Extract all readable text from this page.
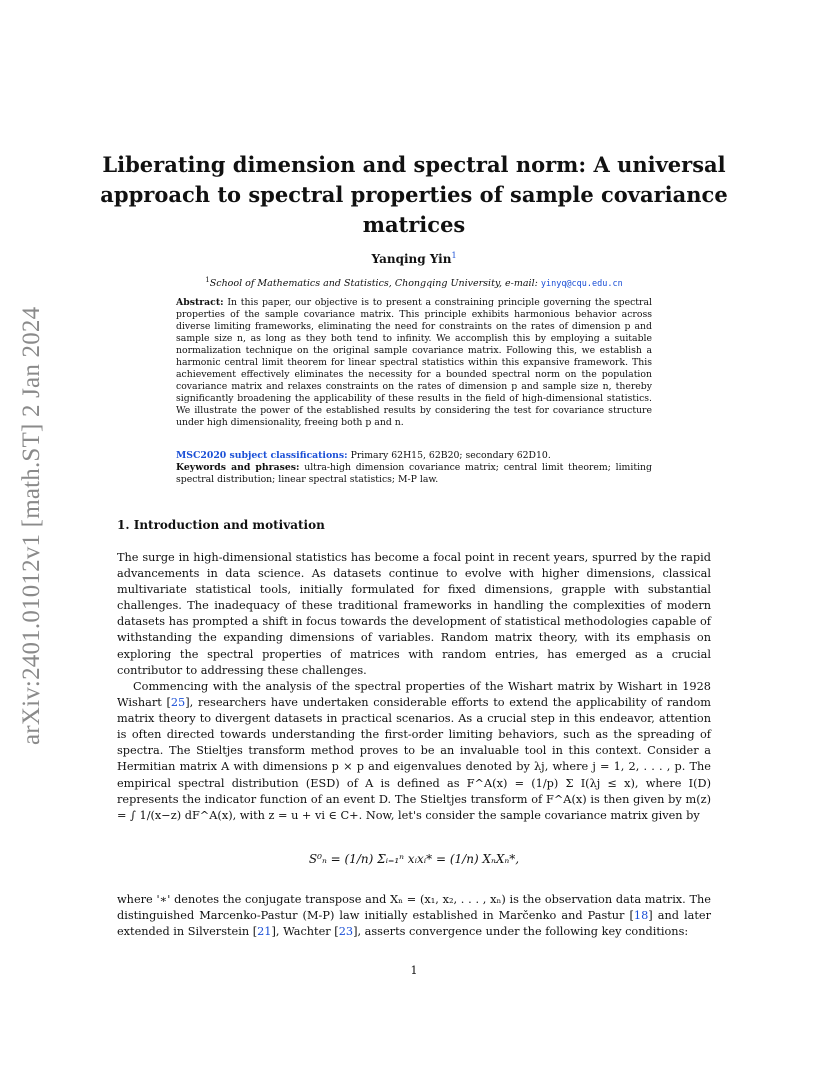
arXiv:2401.01012v1 [math.ST] 2 Jan 2024
Liberating dimension and spectral norm: A universal approach to spectral properties of sample covariance matrices
Yanqing Yin$^1$
$^1$School of Mathematics and Statistics, Chongqing University, e-mail: yinyq@cqu.edu.cn
Abstract: In this paper, our objective is to present a constraining principle governing the spectral properties of the sample covariance matrix. This principle exhibits harmonious behavior across diverse limiting frameworks, eliminating the need for constraints on the rates of dimension p and sample size n, as long as they both tend to infinity. We accomplish this by employing a suitable normalization technique on the original sample covariance matrix. Following this, we establish a harmonic central limit theorem for linear spectral statistics within this expansive framework. This achievement effectively eliminates the necessity for a bounded spectral norm on the population covariance matrix and relaxes constraints on the rates of dimension p and sample size n, thereby significantly broadening the applicability of these results in the field of high-dimensional statistics. We illustrate the power of the established results by considering the test for covariance structure under high dimensionality, freeing both p and n.
MSC2020 subject classifications: Primary 62H15, 62B20; secondary 62D10.
Keywords and phrases: ultra-high dimension covariance matrix; central limit theorem; limiting spectral distribution; linear spectral statistics; M-P law.
1. Introduction and motivation
The surge in high-dimensional statistics has become a focal point in recent years, spurred by the rapid advancements in data science. As datasets continue to evolve with higher dimensions, classical multivariate statistical tools, initially formulated for fixed dimensions, grapple with substantial challenges. The inadequacy of these traditional frameworks in handling the complexities of modern datasets has prompted a shift in focus towards the development of statistical methodologies capable of withstanding the expanding dimensions of variables. Random matrix theory, with its emphasis on exploring the spectral properties of matrices with random entries, has emerged as a crucial contributor to addressing these challenges.
Commencing with the analysis of the spectral properties of the Wishart matrix by Wishart in 1928 Wishart [25], researchers have undertaken considerable efforts to extend the applicability of random matrix theory to divergent datasets in practical scenarios. As a crucial step in this endeavor, attention is often directed towards understanding the first-order limiting behaviors, such as the spreading of spectra. The Stieltjes transform method proves to be an invaluable tool in this context. Consider a Hermitian matrix A with dimensions p × p and eigenvalues denoted by λj, where j = 1, 2, . . . , p. The empirical spectral distribution (ESD) of A is defined as F^A(x) = (1/p) Σ I(λj ≤ x), where I(D) represents the indicator function of an event D. The Stieltjes transform of F^A(x) is then given by m(z) = ∫ 1/(x−z) dF^A(x), with z = u + vi ∈ C+. Now, let's consider the sample covariance matrix given by
S⁰ₙ = (1/n) Σᵢ₌₁ⁿ xᵢxᵢ* = (1/n) XₙXₙ*,
where '∗' denotes the conjugate transpose and Xₙ = (x₁, x₂, . . . , xₙ) is the observation data matrix. The distinguished Marcenko-Pastur (M-P) law initially established in Marčenko and Pastur [18] and later extended in Silverstein [21], Wachter [23], asserts convergence under the following key conditions:
1
